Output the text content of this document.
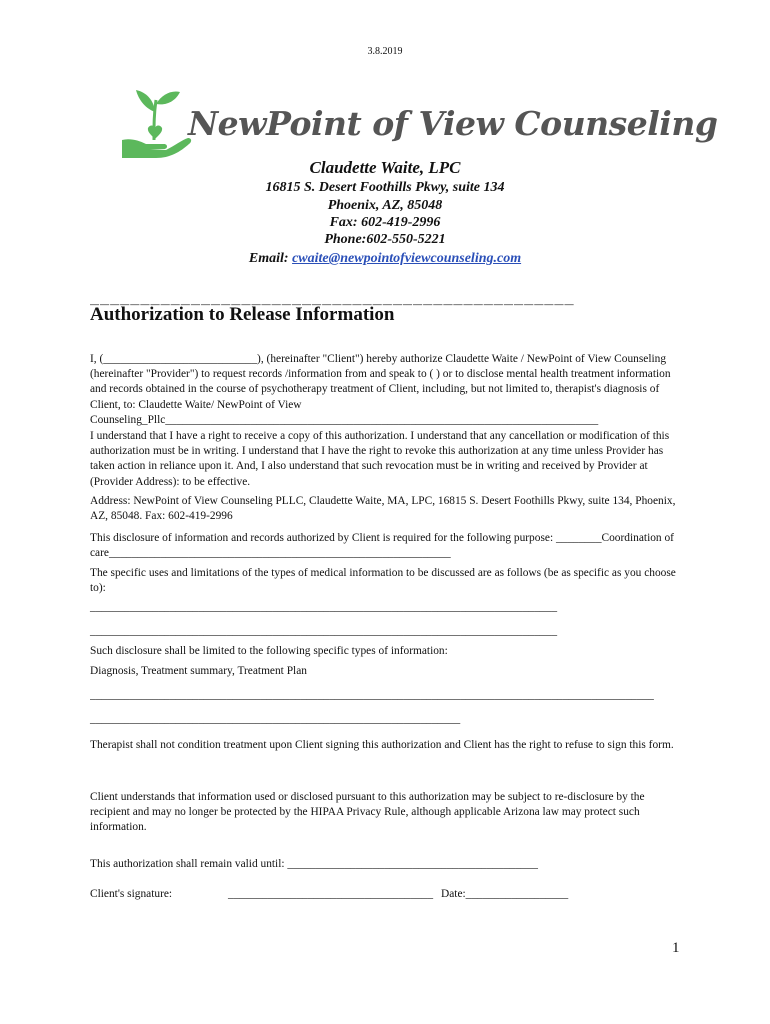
3.8.2019
NewPoint of View Counseling
Claudette Waite, LPC
16815 S. Desert Foothills Pkwy, suite 134
Phoenix, AZ, 85048
Fax: 602-419-2996
Phone:602-550-5221
Email: cwaite@newpointofviewcounseling.com
________________________________________________
Authorization to Release Information
I, (___________________________), (hereinafter "Client") hereby authorize Claudette Waite / NewPoint of View Counseling (hereinafter "Provider") to request records /information from and speak to ( ) or to disclose mental health treatment information and records obtained in the course of psychotherapy treatment of Client, including, but not limited to, therapist's diagnosis of Client, to: Claudette Waite/ NewPoint of View Counseling_Pllc____________________________________________________________________________
I understand that I have a right to receive a copy of this authorization. I understand that any cancellation or modification of this authorization must be in writing. I understand that I have the right to revoke this authorization at any time unless Provider has taken action in reliance upon it. And, I also understand that such revocation must be in writing and received by Provider at (Provider Address): to be effective.
Address: NewPoint of View Counseling PLLC, Claudette Waite, MA, LPC, 16815 S. Desert Foothills Pkwy, suite 134, Phoenix, AZ, 85048. Fax: 602-419-2996
This disclosure of information and records authorized by Client is required for the following purpose: ________Coordination of care____________________________________________________________
The specific uses and limitations of the types of medical information to be discussed are as follows (be as specific as you choose to):
__________________________________________________________________________________
__________________________________________________________________________________
Such disclosure shall be limited to the following specific types of information:
Diagnosis, Treatment summary, Treatment Plan
___________________________________________________________________________________________________
_________________________________________________________________
Therapist shall not condition treatment upon Client signing this authorization and Client has the right to refuse to sign this form.
Client understands that information used or disclosed pursuant to this authorization may be subject to re-disclosure by the recipient and may no longer be protected by the HIPAA Privacy Rule, although applicable Arizona law may protect such information.
This authorization shall remain valid until: ____________________________________________
Client's signature:	____________________________________ Date:__________________
1
